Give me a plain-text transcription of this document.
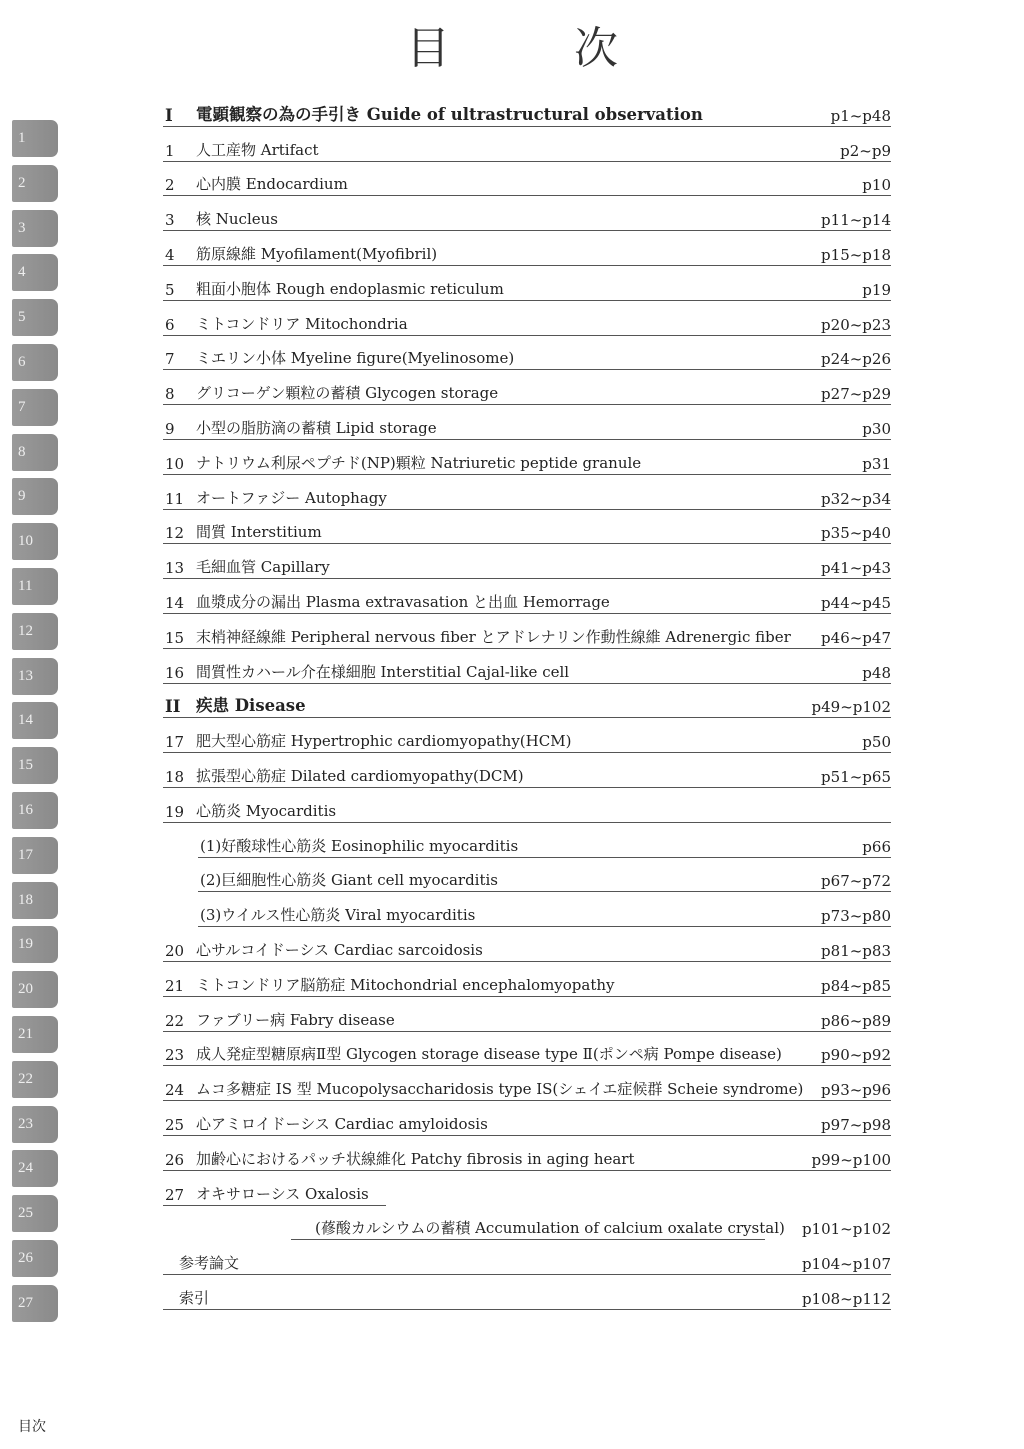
目　次
1
2
3
4
5
6
7
8
9
10
11
12
13
14
15
16
17
18
19
20
21
22
23
24
25
26
27
I 電顕観察の為の手引き Guide of ultrastructural observation	p1~p48
1 人工産物 Artifact	p2~p9
2 心内膜 Endocardium	p10
3 核 Nucleus	p11~p14
4 筋原線維 Myofilament(Myofibril)	p15~p18
5 粗面小胞体 Rough endoplasmic reticulum	p19
6 ミトコンドリア Mitochondria	p20~p23
7 ミエリン小体 Myeline figure(Myelinosome)	p24~p26
8 グリコーゲン顆粒の蓄積 Glycogen storage	p27~p29
9 小型の脂肪滴の蓄積 Lipid storage	p30
10 ナトリウム利尿ペプチド(NP)顆粒 Natriuretic peptide granule	p31
11 オートファジー Autophagy	p32~p34
12 間質 Interstitium	p35~p40
13 毛細血管 Capillary	p41~p43
14 血漿成分の漏出 Plasma extravasation と出血 Hemorrage	p44~p45
15 末梢神経線維 Peripheral nervous fiber とアドレナリン作動性線維 Adrenergic fiber p46~p47
16 間質性カハール介在様細胞 Interstitial Cajal-like cell	p48
II 疾患 Disease	p49~p102
17 肥大型心筋症 Hypertrophic cardiomyopathy(HCM)	p50
18 拡張型心筋症 Dilated cardiomyopathy(DCM)	p51~p65
19 心筋炎 Myocarditis
(1)好酸球性心筋炎 Eosinophilic myocarditis	p66
(2)巨細胞性心筋炎 Giant cell myocarditis	p67~p72
(3)ウイルス性心筋炎 Viral myocarditis	p73~p80
20 心サルコイドーシス Cardiac sarcoidosis	p81~p83
21 ミトコンドリア脳筋症 Mitochondrial encephalomyopathy	p84~p85
22 ファブリー病 Fabry disease	p86~p89
23 成人発症型糖原病Ⅱ型 Glycogen storage disease type Ⅱ(ポンペ病 Pompe disease)	p90~p92
24 ムコ多糖症 IS 型 Mucopolysaccharidosis type IS(シェイエ症候群 Scheie syndrome) p93~p96
25 心アミロイドーシス Cardiac amyloidosis	p97~p98
26 加齢心におけるパッチ状線維化 Patchy fibrosis in aging heart	p99~p100
27 オキサローシス Oxalosis
(蓚酸カルシウムの蓄積 Accumulation of calcium oxalate crystal) p101~p102
参考論文	p104~p107
索引	p108~p112
目次
